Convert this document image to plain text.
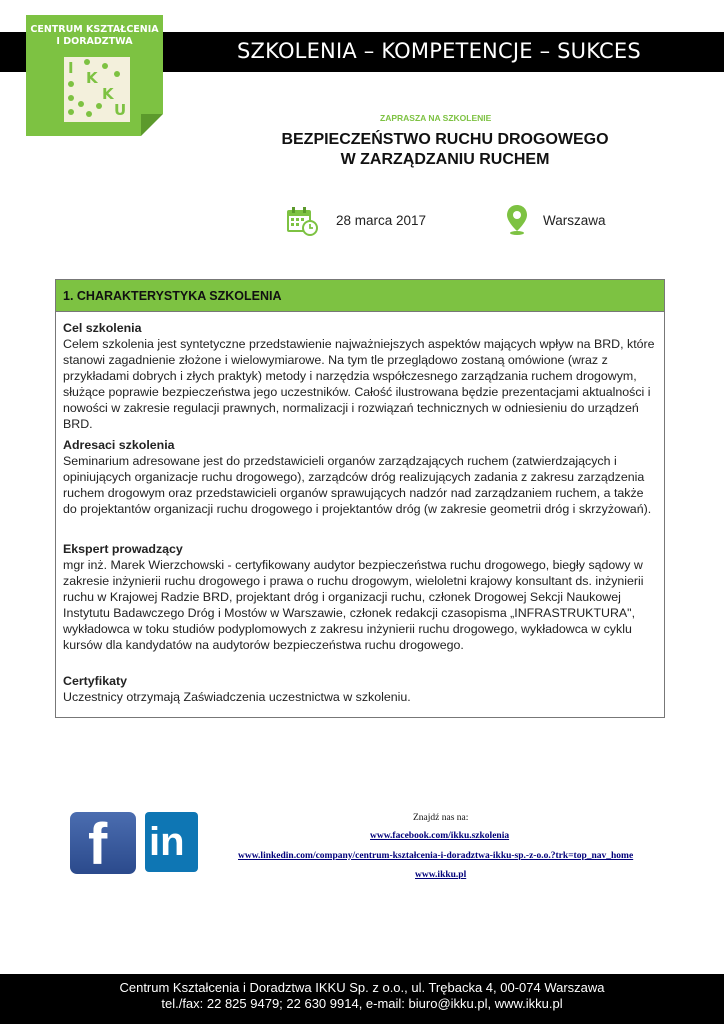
SZKOLENIA – KOMPETENCJE – SUKCES
CENTRUM KSZTAŁCENIA
I DORADZTWA
I
K
K
U	ZAPRASZA NA SZKOLENIE
BEZPIECZEŃSTWO RUCHU DROGOWEGO
W ZARZĄDZANIU RUCHEM
28 marca 2017	Warszawa
1. CHARAKTERYSTYKA SZKOLENIA
Cel szkolenia

Celem szkolenia jest syntetyczne przedstawienie najważniejszych aspektów mających wpływ na BRD, które stanowi zagadnienie złożone i wielowymiarowe. Na tym tle przeglądowo zostaną omówione (wraz z przykładami dobrych i złych praktyk) metody i narzędzia współczesnego zarządzania ruchem drogowym, służące poprawie bezpieczeństwa jego uczestników. Całość ilustrowana będzie prezentacjami aktualności i nowości w zakresie regulacji prawnych, normalizacji i rozwiązań technicznych w odniesieniu do urządzeń BRD.

Adresaci szkolenia

Seminarium adresowane jest do przedstawicieli organów zarządzających ruchem (zatwierdzających i opiniujących organizacje ruchu drogowego), zarządców dróg realizujących zadania z zakresu zarządzenia ruchem drogowym oraz przedstawicieli organów sprawujących nadzór nad zarządzaniem ruchem, a także do projektantów organizacji ruchu drogowego i projektantów dróg (w zakresie geometrii dróg i skrzyżowań).

Ekspert prowadzący

mgr inż. Marek Wierzchowski - certyfikowany audytor bezpieczeństwa ruchu drogowego, biegły sądowy w zakresie inżynierii ruchu drogowego i prawa o ruchu drogowym, wieloletni krajowy konsultant ds. inżynierii ruchu w Krajowej Radzie BRD, projektant dróg i organizacji ruchu, członek Drogowej Sekcji Naukowej Instytutu Badawczego Dróg i Mostów w Warszawie, członek redakcji czasopisma „INFRASTRUKTURA", wykładowca w toku studiów podyplomowych z zakresu inżynierii ruchu drogowego, wykładowca w cyklu kursów dla kandydatów na audytorów bezpieczeństwa ruchu drogowego.

Certyfikaty

Uczestnicy otrzymają Zaświadczenia uczestnictwa w szkoleniu.

f in
Znajdź nas na:
www.facebook.com/ikku.szkolenia
www.linkedin.com/company/centrum-kształcenia-i-doradztwa-ikku-sp.-z-o.o.?trk=top_nav_home
www.ikku.pl
Centrum Kształcenia i Doradztwa IKKU Sp. z o.o., ul. Trębacka 4, 00-074 Warszawa
tel./fax: 22 825 9479; 22 630 9914, e-mail: biuro@ikku.pl, www.ikku.pl
